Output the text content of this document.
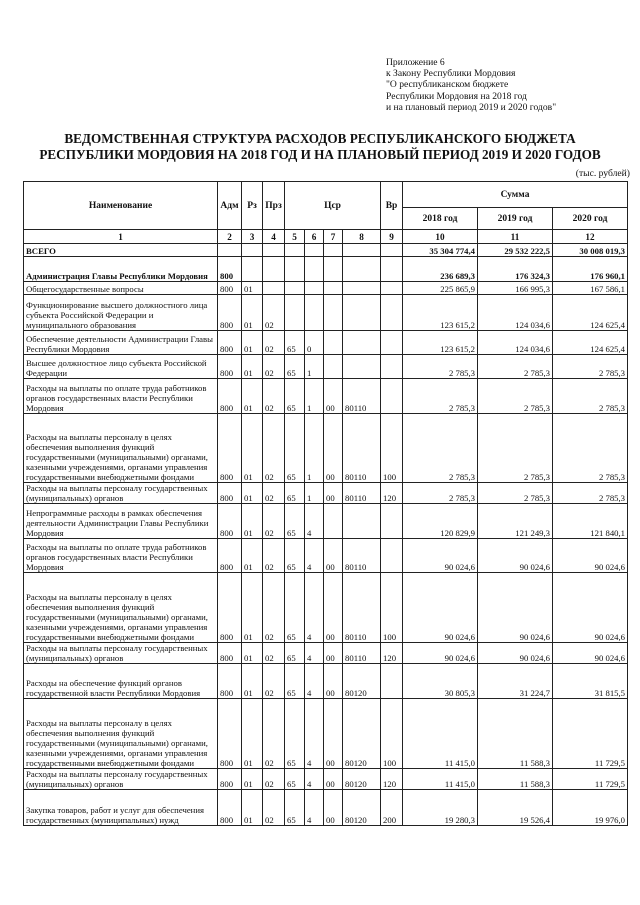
Приложение 6
к Закону Республики Мордовия
"О республиканском бюджете
Республики Мордовия на 2018 год
и на плановый период 2019 и 2020 годов"
ВЕДОМСТВЕННАЯ СТРУКТУРА РАСХОДОВ РЕСПУБЛИКАНСКОГО БЮДЖЕТА
РЕСПУБЛИКИ МОРДОВИЯ НА 2018 ГОД И НА ПЛАНОВЫЙ ПЕРИОД 2019 И 2020 ГОДОВ
(тыс. рублей)
Наименование	Адм	Рз	Прз	Цср				Вр	Сумма		
									2018 год	2019 год	2020 год
1	2	3	4	5	6	7	8	9	10	11	12
ВСЕГО									35 304 774,4	29 532 222,5	30 008 019,3
Администрация Главы Республики Мордовия	800								236 689,3	176 324,3	176 960,1
Общегосударственные вопросы	800	01							225 865,9	166 995,3	167 586,1
Функционирование высшего должностного лица субъекта Российской Федерации и муниципального образования	800	01	02						123 615,2	124 034,6	124 625,4
Обеспечение деятельности Администрации Главы Республики Мордовия	800	01	02	65	0				123 615,2	124 034,6	124 625,4
Высшее должностное лицо субъекта Российской Федерации	800	01	02	65	1				2 785,3	2 785,3	2 785,3
Расходы на выплаты по оплате труда работников органов государственных власти Республики Мордовия	800	01	02	65	1	00	80110		2 785,3	2 785,3	2 785,3
Расходы на выплаты персоналу в целях обеспечения выполнения функций государственными (муниципальными) органами, казенными учреждениями, органами управления государственными внебюджетными фондами	800	01	02	65	1	00	80110	100	2 785,3	2 785,3	2 785,3
Расходы на выплаты персоналу государственных (муниципальных) органов	800	01	02	65	1	00	80110	120	2 785,3	2 785,3	2 785,3
Непрограммные расходы в рамках обеспечения деятельности Администрации Главы Республики Мордовия	800	01	02	65	4				120 829,9	121 249,3	121 840,1
Расходы на выплаты по оплате труда работников органов государственных власти Республики Мордовия	800	01	02	65	4	00	80110		90 024,6	90 024,6	90 024,6
Расходы на выплаты персоналу в целях обеспечения выполнения функций государственными (муниципальными) органами, казенными учреждениями, органами управления государственными внебюджетными фондами	800	01	02	65	4	00	80110	100	90 024,6	90 024,6	90 024,6
Расходы на выплаты персоналу государственных (муниципальных) органов	800	01	02	65	4	00	80110	120	90 024,6	90 024,6	90 024,6
Расходы на обеспечение функций органов государственной власти Республики Мордовия	800	01	02	65	4	00	80120		30 805,3	31 224,7	31 815,5
Расходы на выплаты персоналу в целях обеспечения выполнения функций государственными (муниципальными) органами, казенными учреждениями, органами управления государственными внебюджетными фондами	800	01	02	65	4	00	80120	100	11 415,0	11 588,3	11 729,5
Расходы на выплаты персоналу государственных (муниципальных) органов	800	01	02	65	4	00	80120	120	11 415,0	11 588,3	11 729,5
Закупка товаров, работ и услуг для обеспечения государственных (муниципальных) нужд	800	01	02	65	4	00	80120	200	19 280,3	19 526,4	19 976,0
